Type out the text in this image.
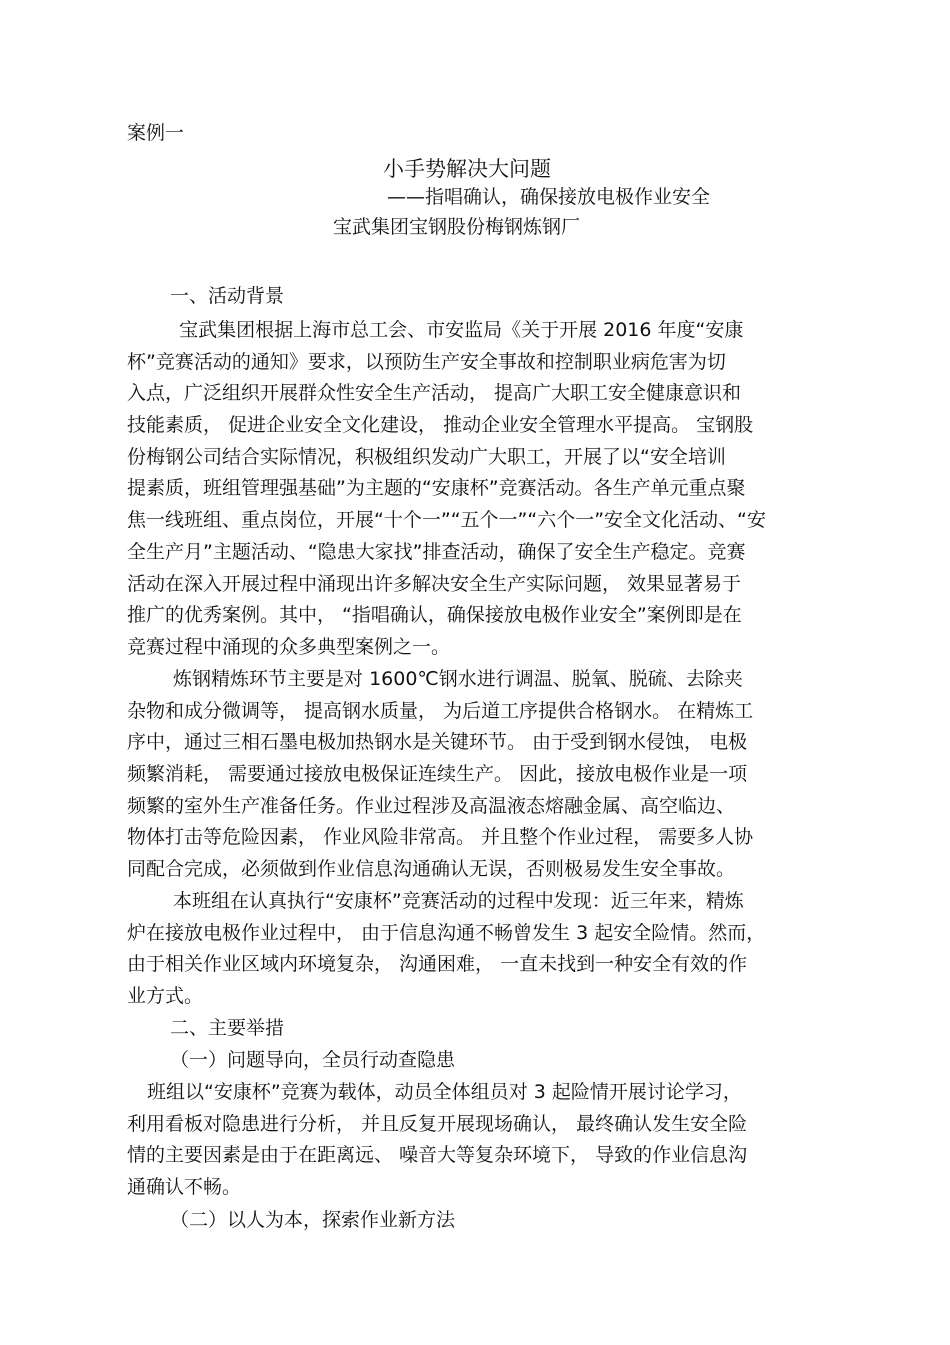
案例一

小手势解决大问题

——指唱确认，确保接放电极作业安全

宝武集团宝钢股份梅钢炼钢厂

一、活动背景

宝武集团根据上海市总工会、市安监局《关于开展 2016 年度“安康
杯”竞赛活动的通知》要求，以预防生产安全事故和控制职业病危害为切
入点，广泛组织开展群众性安全生产活动， 提高广大职工安全健康意识和
技能素质， 促进企业安全文化建设， 推动企业安全管理水平提高。 宝钢股
份梅钢公司结合实际情况，积极组织发动广大职工，开展了以“安全培训
提素质，班组管理强基础”为主题的“安康杯”竞赛活动。各生产单元重点聚
焦一线班组、重点岗位，开展“十个一”“五个一”“六个一”安全文化活动、“安
全生产月”主题活动、“隐患大家找”排查活动，确保了安全生产稳定。竞赛
活动在深入开展过程中涌现出许多解决安全生产实际问题， 效果显著易于
推广的优秀案例。其中， “指唱确认，确保接放电极作业安全”案例即是在
竞赛过程中涌现的众多典型案例之一。
炼钢精炼环节主要是对 1600℃钢水进行调温、脱氧、脱硫、去除夹
杂物和成分微调等， 提高钢水质量， 为后道工序提供合格钢水。 在精炼工
序中，通过三相石墨电极加热钢水是关键环节。 由于受到钢水侵蚀， 电极
频繁消耗， 需要通过接放电极保证连续生产。 因此，接放电极作业是一项
频繁的室外生产准备任务。作业过程涉及高温液态熔融金属、高空临边、
物体打击等危险因素， 作业风险非常高。 并且整个作业过程， 需要多人协
同配合完成，必须做到作业信息沟通确认无误，否则极易发生安全事故。
本班组在认真执行“安康杯”竞赛活动的过程中发现：近三年来，精炼
炉在接放电极作业过程中， 由于信息沟通不畅曾发生 3 起安全险情。然而，
由于相关作业区域内环境复杂， 沟通困难， 一直未找到一种安全有效的作
业方式。

二、主要举措

（一）问题导向，全员行动查隐患

班组以“安康杯”竞赛为载体，动员全体组员对 3 起险情开展讨论学习，
利用看板对隐患进行分析， 并且反复开展现场确认， 最终确认发生安全险
情的主要因素是由于在距离远、 噪音大等复杂环境下， 导致的作业信息沟
通确认不畅。

（二）以人为本，探索作业新方法
